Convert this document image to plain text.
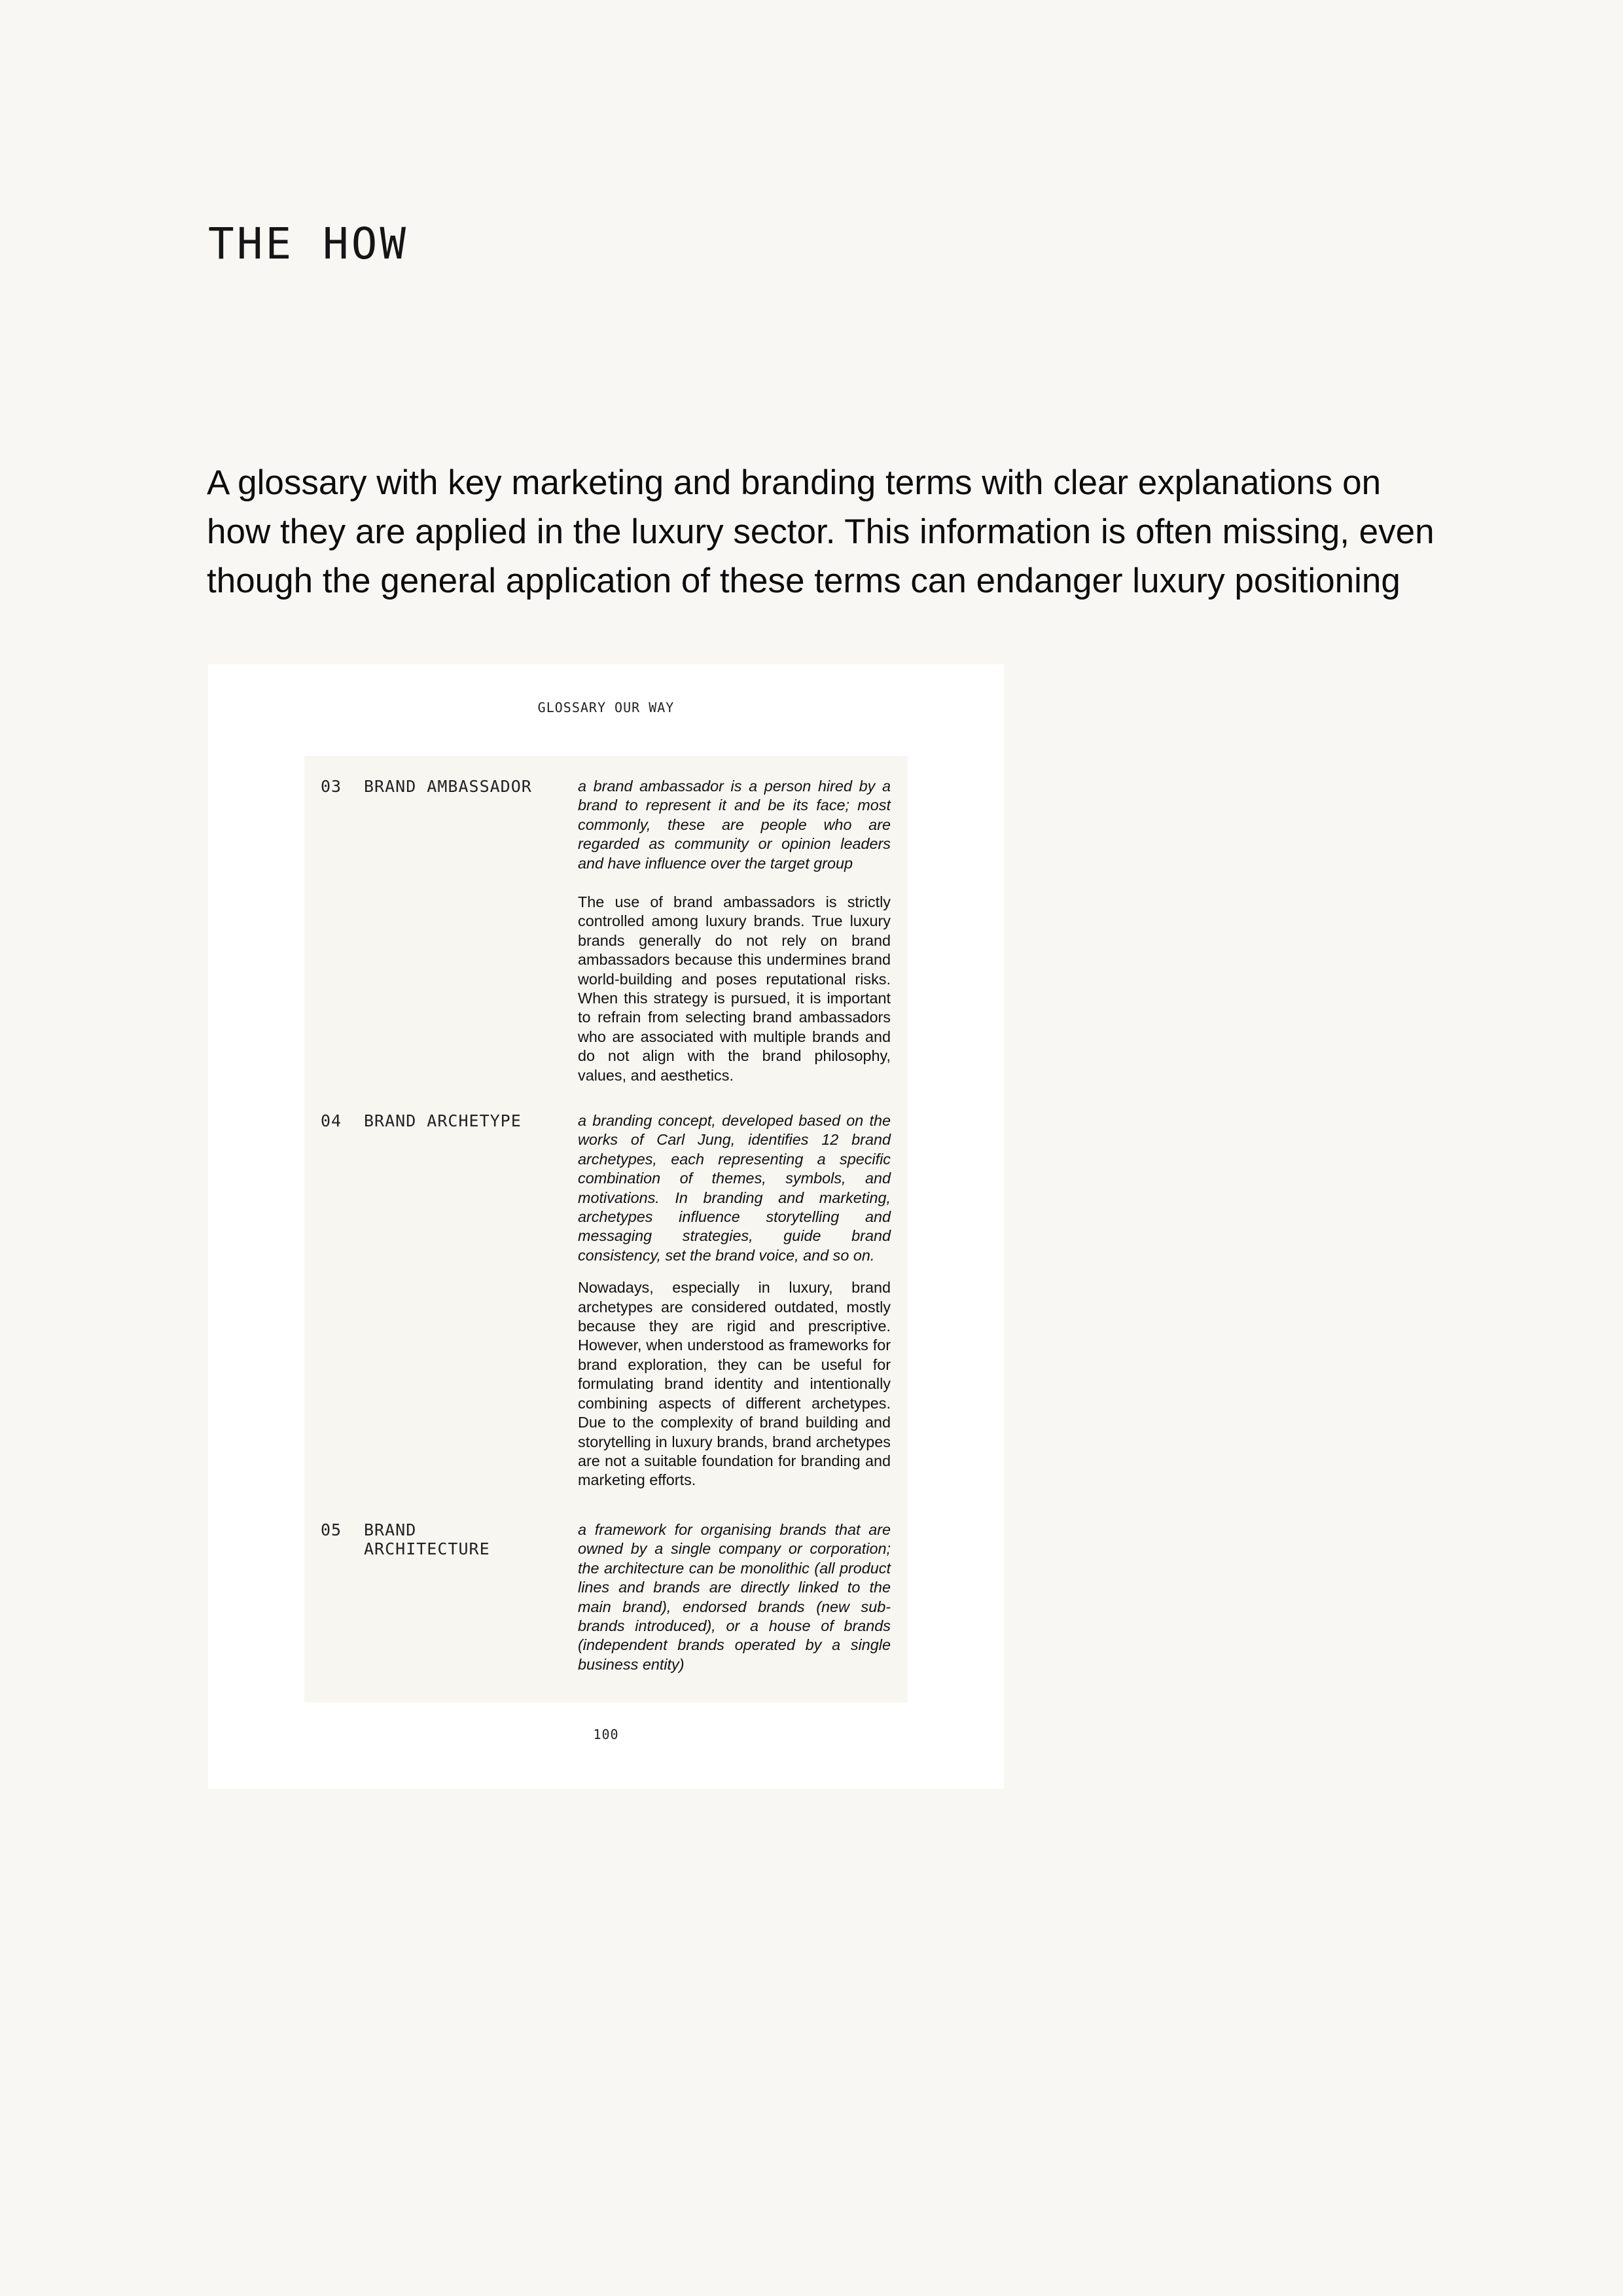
THE HOW

A glossary with key marketing and branding terms with clear explanations on how they are applied in the luxury sector. This information is often missing, even though the general application of these terms can endanger luxury positioning

GLOSSARY OUR WAY
03 BRAND AMBASSADOR	a brand ambassador is a person hired by a brand to represent it and be its face; most commonly, these are people who are regarded as community or opinion leaders and have influence over the target group

The use of brand ambassadors is strictly controlled among luxury brands. True luxury brands generally do not rely on brand ambassadors because this undermines brand world-building and poses reputational risks. When this strategy is pursued, it is important to refrain from selecting brand ambassadors who are associated with multiple brands and do not align with the brand philosophy, values, and aesthetics.

04 BRAND ARCHETYPE	a branding concept, developed based on the works of Carl Jung, identifies 12 brand archetypes, each representing a specific combination of themes, symbols, and motivations. In branding and marketing, archetypes influence storytelling and messaging strategies, guide brand consistency, set the brand voice, and so on.

Nowadays, especially in luxury, brand archetypes are considered outdated, mostly because they are rigid and prescriptive. However, when understood as frameworks for brand exploration, they can be useful for formulating brand identity and intentionally combining aspects of different archetypes. Due to the complexity of brand building and storytelling in luxury brands, brand archetypes are not a suitable foundation for branding and marketing efforts.

05 BRAND ARCHITECTURE

a framework for organising brands that are owned by a single company or corporation; the architecture can be monolithic (all product lines and brands are directly linked to the main brand), endorsed brands (new sub-brands introduced), or a house of brands (independent brands operated by a single business entity)

100
